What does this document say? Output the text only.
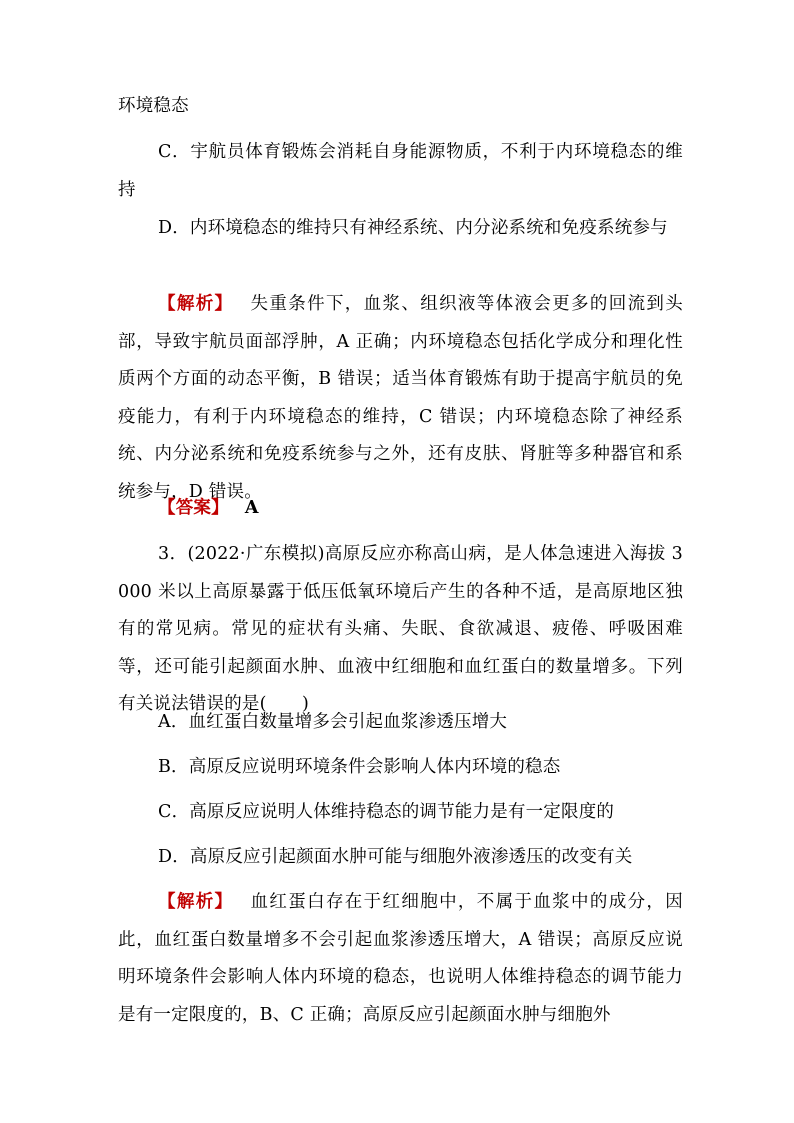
环境稳态
C．宇航员体育锻炼会消耗自身能源物质，不利于内环境稳态的维持
D．内环境稳态的维持只有神经系统、内分泌系统和免疫系统参与
【解析】 失重条件下，血浆、组织液等体液会更多的回流到头部，导致宇航员面部浮肿，A 正确；内环境稳态包括化学成分和理化性质两个方面的动态平衡，B 错误；适当体育锻炼有助于提高宇航员的免疫能力，有利于内环境稳态的维持，C 错误；内环境稳态除了神经系统、内分泌系统和免疫系统参与之外，还有皮肤、肾脏等多种器官和系统参与，D 错误。
【答案】 A
3．(2022·广东模拟)高原反应亦称高山病，是人体急速进入海拔 3000 米以上高原暴露于低压低氧环境后产生的各种不适，是高原地区独有的常见病。常见的症状有头痛、失眠、食欲减退、疲倦、呼吸困难等，还可能引起颜面水肿、血液中红细胞和血红蛋白的数量增多。下列有关说法错误的是(　　)
A．血红蛋白数量增多会引起血浆渗透压增大
B．高原反应说明环境条件会影响人体内环境的稳态
C．高原反应说明人体维持稳态的调节能力是有一定限度的
D．高原反应引起颜面水肿可能与细胞外液渗透压的改变有关
【解析】 血红蛋白存在于红细胞中，不属于血浆中的成分，因此，血红蛋白数量增多不会引起血浆渗透压增大，A 错误；高原反应说明环境条件会影响人体内环境的稳态，也说明人体维持稳态的调节能力是有一定限度的，B、C 正确；高原反应引起颜面水肿与细胞外
